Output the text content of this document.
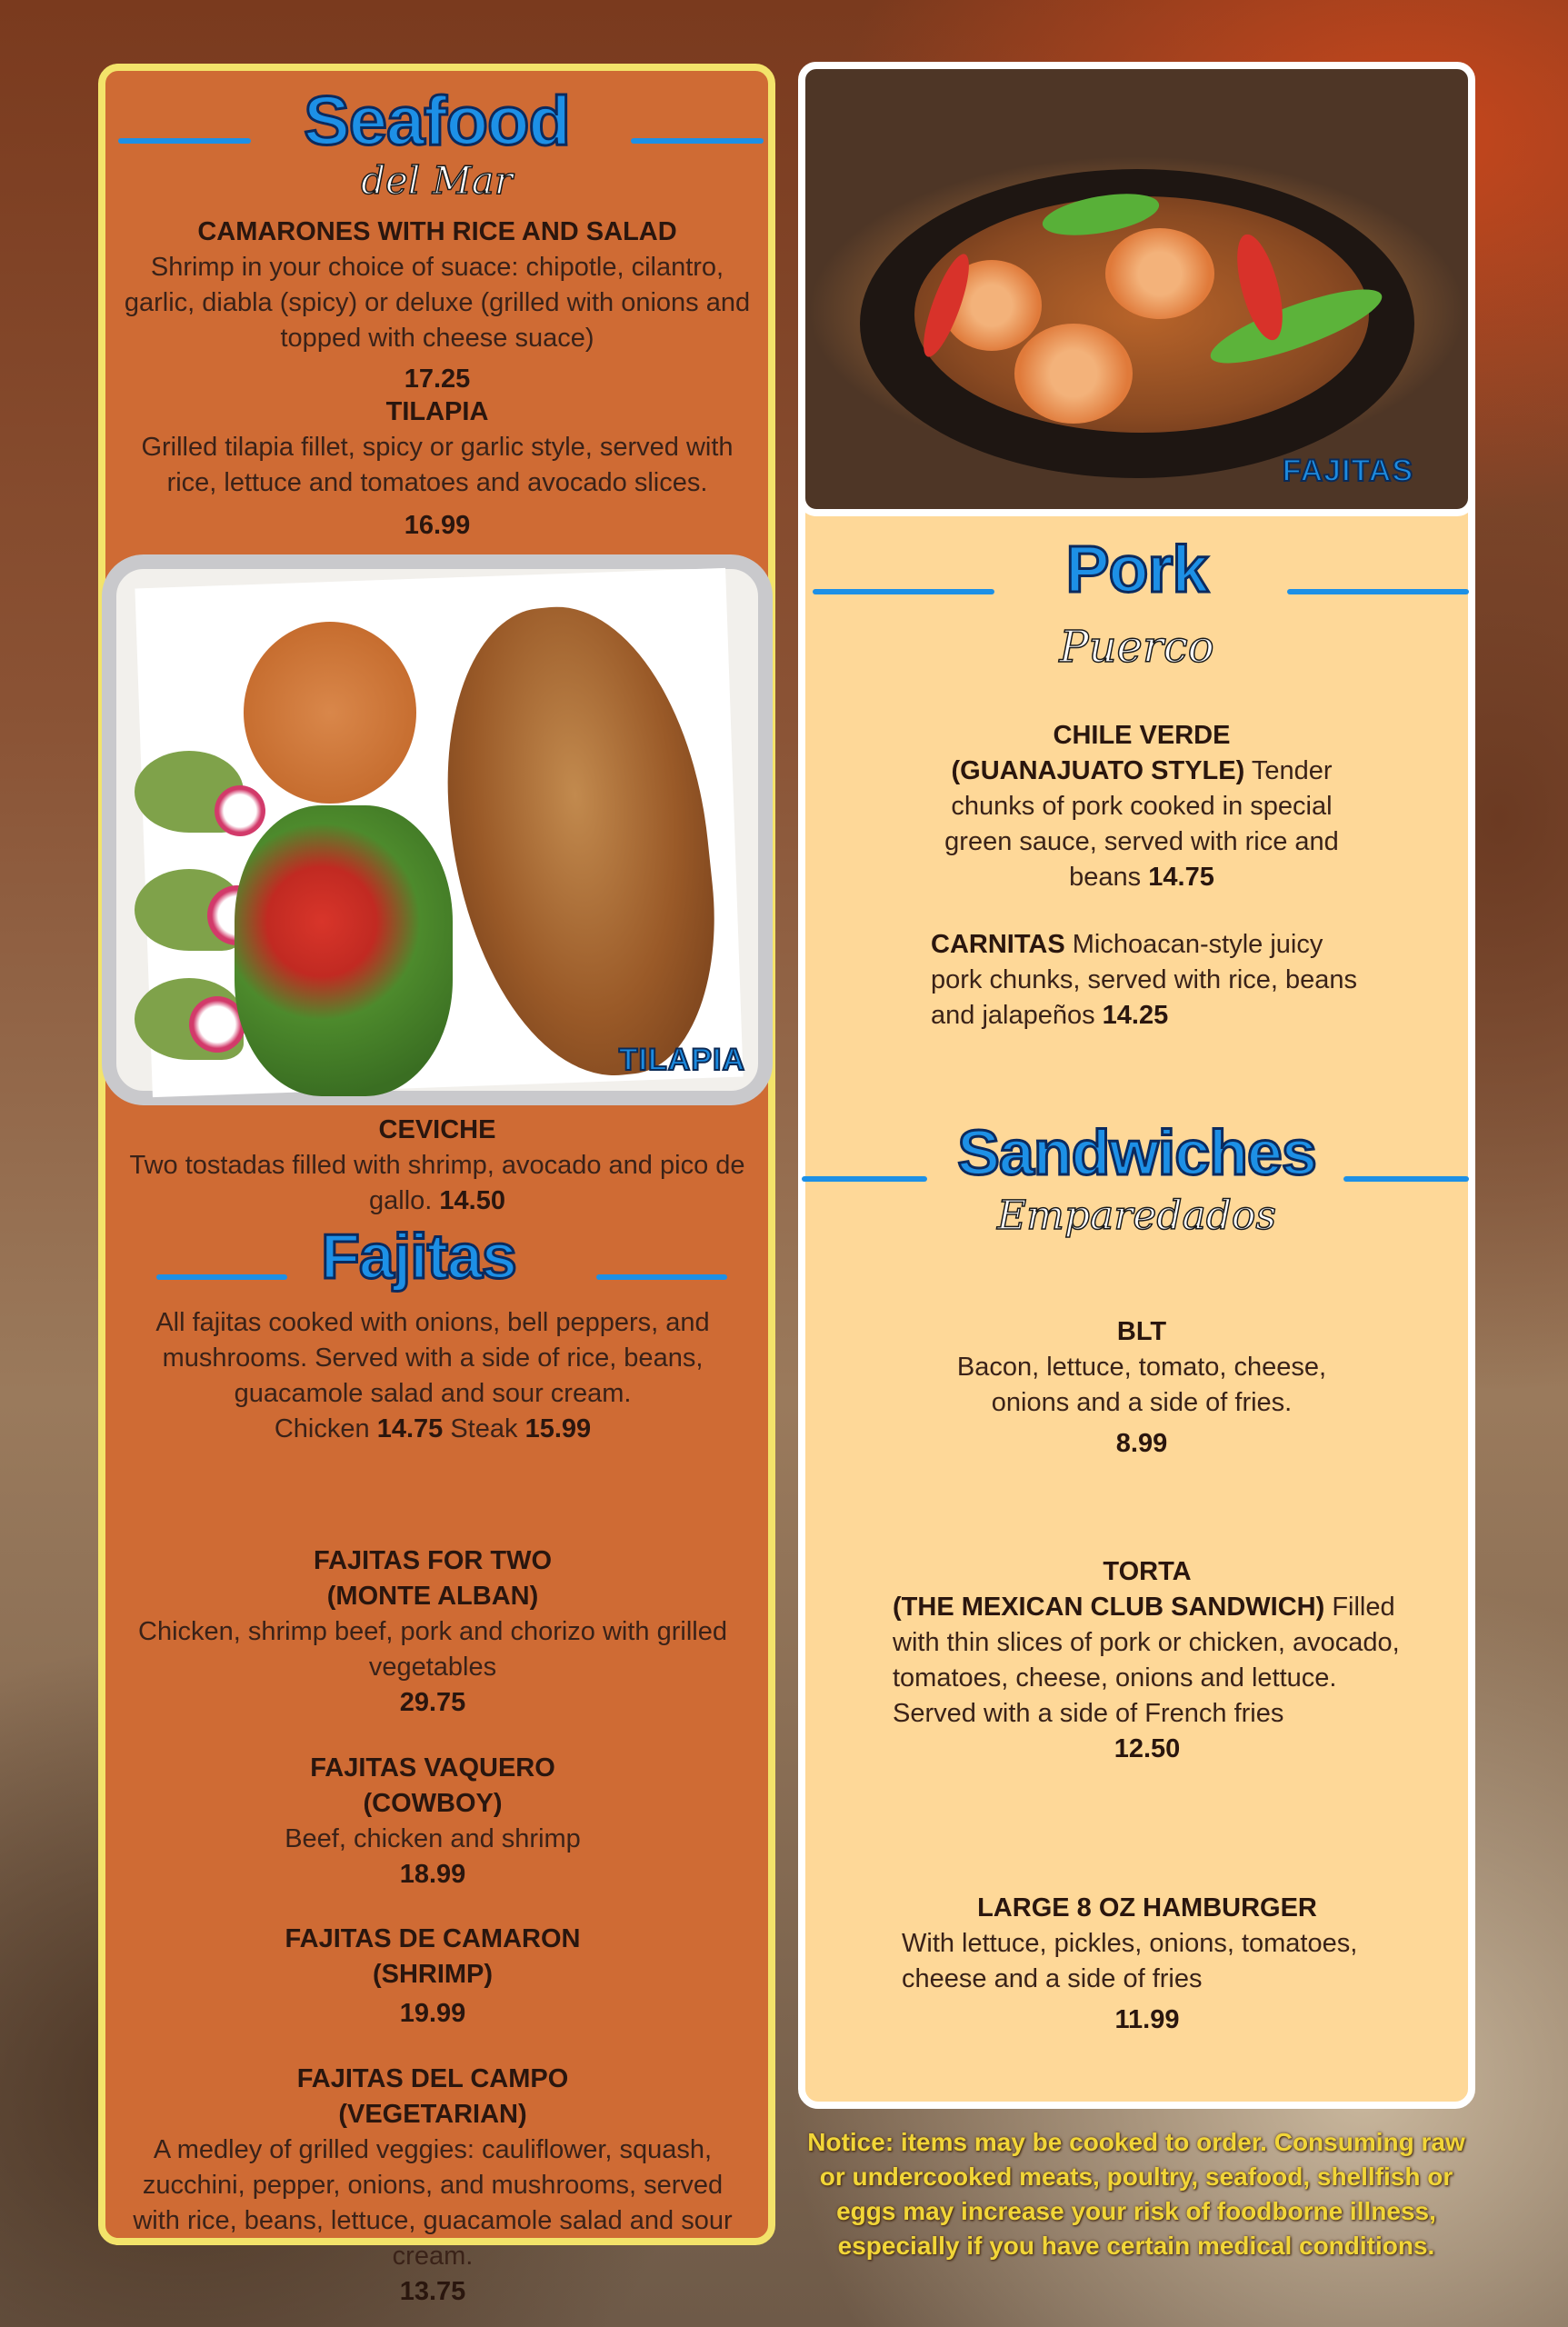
Seafood
del Mar
CAMARONES WITH RICE AND SALAD
Shrimp in your choice of suace: chipotle, cilantro, garlic, diabla (spicy) or deluxe (grilled with onions and topped with cheese suace)
17.25
TILAPIA
Grilled tilapia fillet, spicy or garlic style, served with rice, lettuce and tomatoes and avocado slices.
16.99
CEVICHE
Two tostadas filled with shrimp, avocado and pico de gallo. 14.50
Fajitas
All fajitas cooked with onions, bell peppers, and mushrooms. Served with a side of rice, beans, guacamole salad and sour cream.
Chicken 14.75 Steak 15.99
FAJITAS FOR TWO
(MONTE ALBAN)
Chicken, shrimp beef, pork and chorizo with grilled vegetables
29.75
FAJITAS VAQUERO
(COWBOY)
Beef, chicken and shrimp
18.99
FAJITAS DE CAMARON
(SHRIMP)
19.99
FAJITAS DEL CAMPO
(VEGETARIAN)
A medley of grilled veggies: cauliflower, squash, zucchini, pepper, onions, and mushrooms, served with rice, beans, lettuce, guacamole salad and sour cream.
13.75
TILAPIA
Pork
Puerco
CHILE VERDE
(GUANAJUATO STYLE) Tender chunks of pork cooked in special green sauce, served with rice and beans 14.75
CARNITAS Michoacan-style juicy pork chunks, served with rice, beans and jalapeños 14.25
Sandwiches
Emparedados
BLT
Bacon, lettuce, tomato, cheese, onions and a side of fries.
8.99
TORTA
(THE MEXICAN CLUB SANDWICH) Filled with thin slices of pork or chicken, avocado, tomatoes, cheese, onions and lettuce. Served with a side of French fries
12.50
LARGE 8 OZ HAMBURGER
With lettuce, pickles, onions, tomatoes, cheese and a side of fries
11.99
FAJITAS
Notice: items may be cooked to order. Consuming raw or undercooked meats, poultry, seafood, shellfish or eggs may increase your risk of foodborne illness, especially if you have certain medical conditions.
